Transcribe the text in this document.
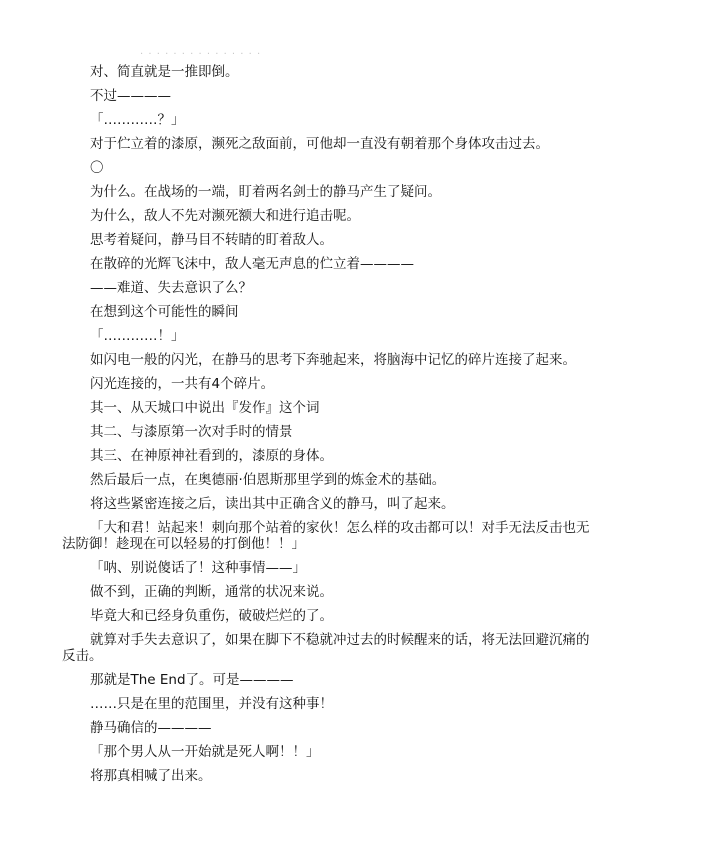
· · · · · · · · · · · · · · ·

对、简直就是一推即倒。

不过————

「…………？」

对于伫立着的漆原，濒死之敌面前，可他却一直没有朝着那个身体攻击过去。

〇

为什么。在战场的一端，盯着两名剑士的静马产生了疑问。

为什么，敌人不先对濒死额大和进行追击呢。

思考着疑问，静马目不转睛的盯着敌人。

在散碎的光辉飞沫中，敌人毫无声息的伫立着————

——难道、失去意识了么？

在想到这个可能性的瞬间

「…………！」

如闪电一般的闪光，在静马的思考下奔驰起来，将脑海中记忆的碎片连接了起来。

闪光连接的，一共有4个碎片。

其一、从天城口中说出『发作』这个词

其二、与漆原第一次对手时的情景

其三、在神原神社看到的，漆原的身体。

然后最后一点，在奥德丽·伯恩斯那里学到的炼金术的基础。

将这些紧密连接之后，读出其中正确含义的静马，叫了起来。

「大和君！站起来！刺向那个站着的家伙！怎么样的攻击都可以！对手无法反击也无法防御！趁现在可以轻易的打倒他！！」

「呐、别说傻话了！这种事情——」

做不到，正确的判断，通常的状况来说。

毕竟大和已经身负重伤，破破烂烂的了。

就算对手失去意识了，如果在脚下不稳就冲过去的时候醒来的话，将无法回避沉痛的反击。

那就是The End了。可是————

……只是在里的范围里，并没有这种事！

静马确信的————

「那个男人从一开始就是死人啊！！」

将那真相喊了出来。
